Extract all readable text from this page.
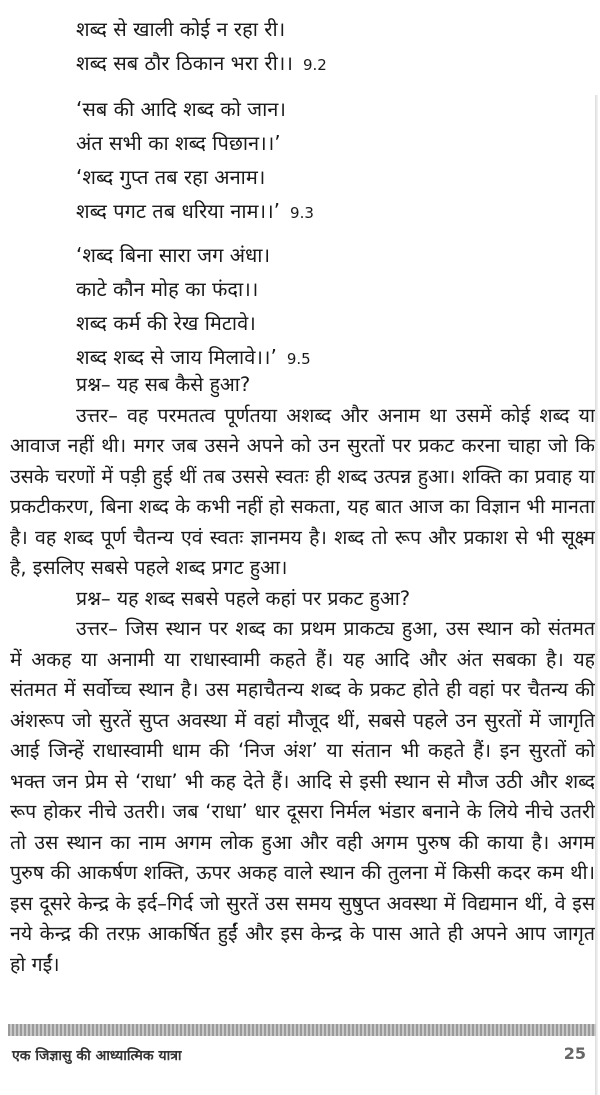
शब्द से खाली कोई न रहा री।
शब्द सब ठौर ठिकान भरा री।। 9.2
‘सब की आदि शब्द को जान।
अंत सभी का शब्द पिछान।।’
‘शब्द गुप्त तब रहा अनाम।
शब्द पगट तब धरिया नाम।।’ 9.3
‘शब्द बिना सारा जग अंधा।
काटे कौन मोह का फंदा।।
शब्द कर्म की रेख मिटावे।
शब्द शब्द से जाय मिलावे।।’ 9.5

प्रश्न– यह सब कैसे हुआ?

उत्तर– वह परमतत्व पूर्णतया अशब्द और अनाम था उसमें कोई शब्द या आवाज नहीं थी। मगर जब उसने अपने को उन सुरतों पर प्रकट करना चाहा जो कि उसके चरणों में पड़ी हुई थीं तब उससे स्वतः ही शब्द उत्पन्न हुआ। शक्ति का प्रवाह या प्रकटीकरण, बिना शब्द के कभी नहीं हो सकता, यह बात आज का विज्ञान भी मानता है। वह शब्द पूर्ण चैतन्य एवं स्वतः ज्ञानमय है। शब्द तो रूप और प्रकाश से भी सूक्ष्म है, इसलिए सबसे पहले शब्द प्रगट हुआ।

प्रश्न– यह शब्द सबसे पहले कहां पर प्रकट हुआ?

उत्तर– जिस स्थान पर शब्द का प्रथम प्राकट्य हुआ, उस स्थान को संतमत में अकह या अनामी या राधास्वामी कहते हैं। यह आदि और अंत सबका है। यह संतमत में सर्वोच्च स्थान है। उस महाचैतन्य शब्द के प्रकट होते ही वहां पर चैतन्य की अंशरूप जो सुरतें सुप्त अवस्था में वहां मौजूद थीं, सबसे पहले उन सुरतों में जागृति आई जिन्हें राधास्वामी धाम की ‘निज अंश’ या संतान भी कहते हैं। इन सुरतों को भक्त जन प्रेम से ‘राधा’ भी कह देते हैं। आदि से इसी स्थान से मौज उठी और शब्द रूप होकर नीचे उतरी। जब ‘राधा’ धार दूसरा निर्मल भंडार बनाने के लिये नीचे उतरी तो उस स्थान का नाम अगम लोक हुआ और वही अगम पुरुष की काया है। अगम पुरुष की आकर्षण शक्ति, ऊपर अकह वाले स्थान की तुलना में किसी कदर कम थी। इस दूसरे केन्द्र के इर्द–गिर्द जो सुरतें उस समय सुषुप्त अवस्था में विद्यमान थीं, वे इस नये केन्द्र की तरफ़ आकर्षित हुईं और इस केन्द्र के पास आते ही अपने आप जागृत हो गईं।

एक जिज्ञासु की आध्यात्मिक यात्रा	25
